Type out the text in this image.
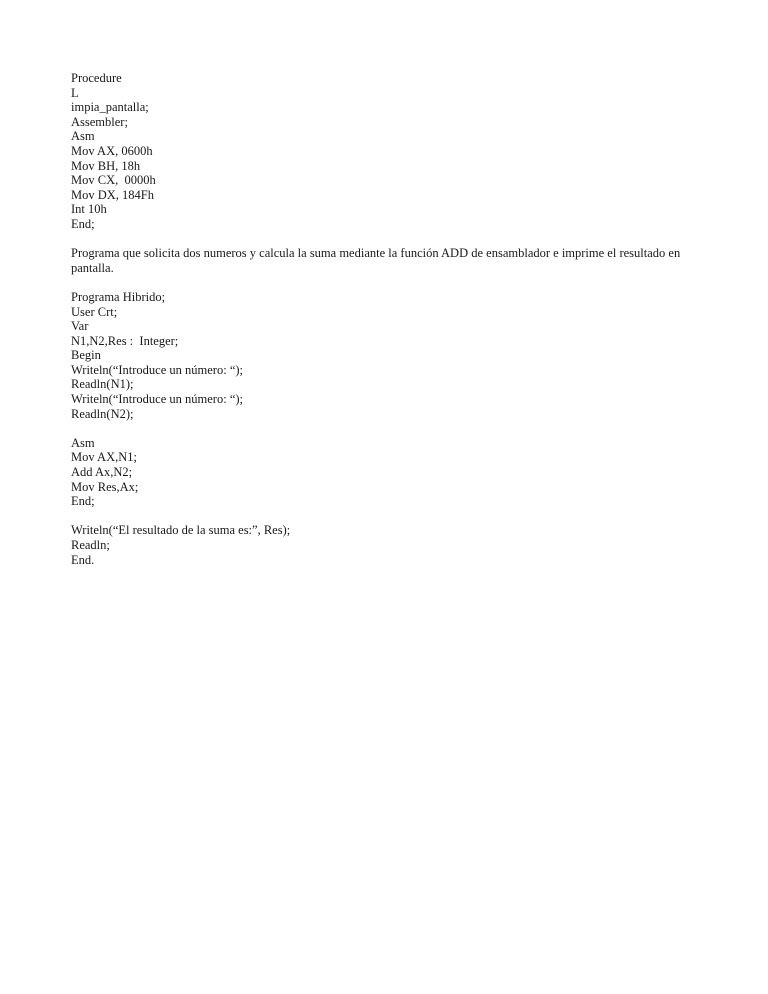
Procedure
L
impia_pantalla;
Assembler;
Asm
Mov AX, 0600h
Mov BH, 18h
Mov CX,  0000h
Mov DX, 184Fh
Int 10h
End;

Programa que solicita dos numeros y calcula la suma mediante la función ADD de ensamblador e imprime el resultado en pantalla.

Programa Hibrido;
User Crt;
Var
N1,N2,Res :  Integer;
Begin
Writeln(“Introduce un número: “);
Readln(N1);
Writeln(“Introduce un número: “);
Readln(N2);
Asm
Mov AX,N1;
Add Ax,N2;
Mov Res,Ax;
End;
Writeln(“El resultado de la suma es:”, Res);
Readln;
End.
